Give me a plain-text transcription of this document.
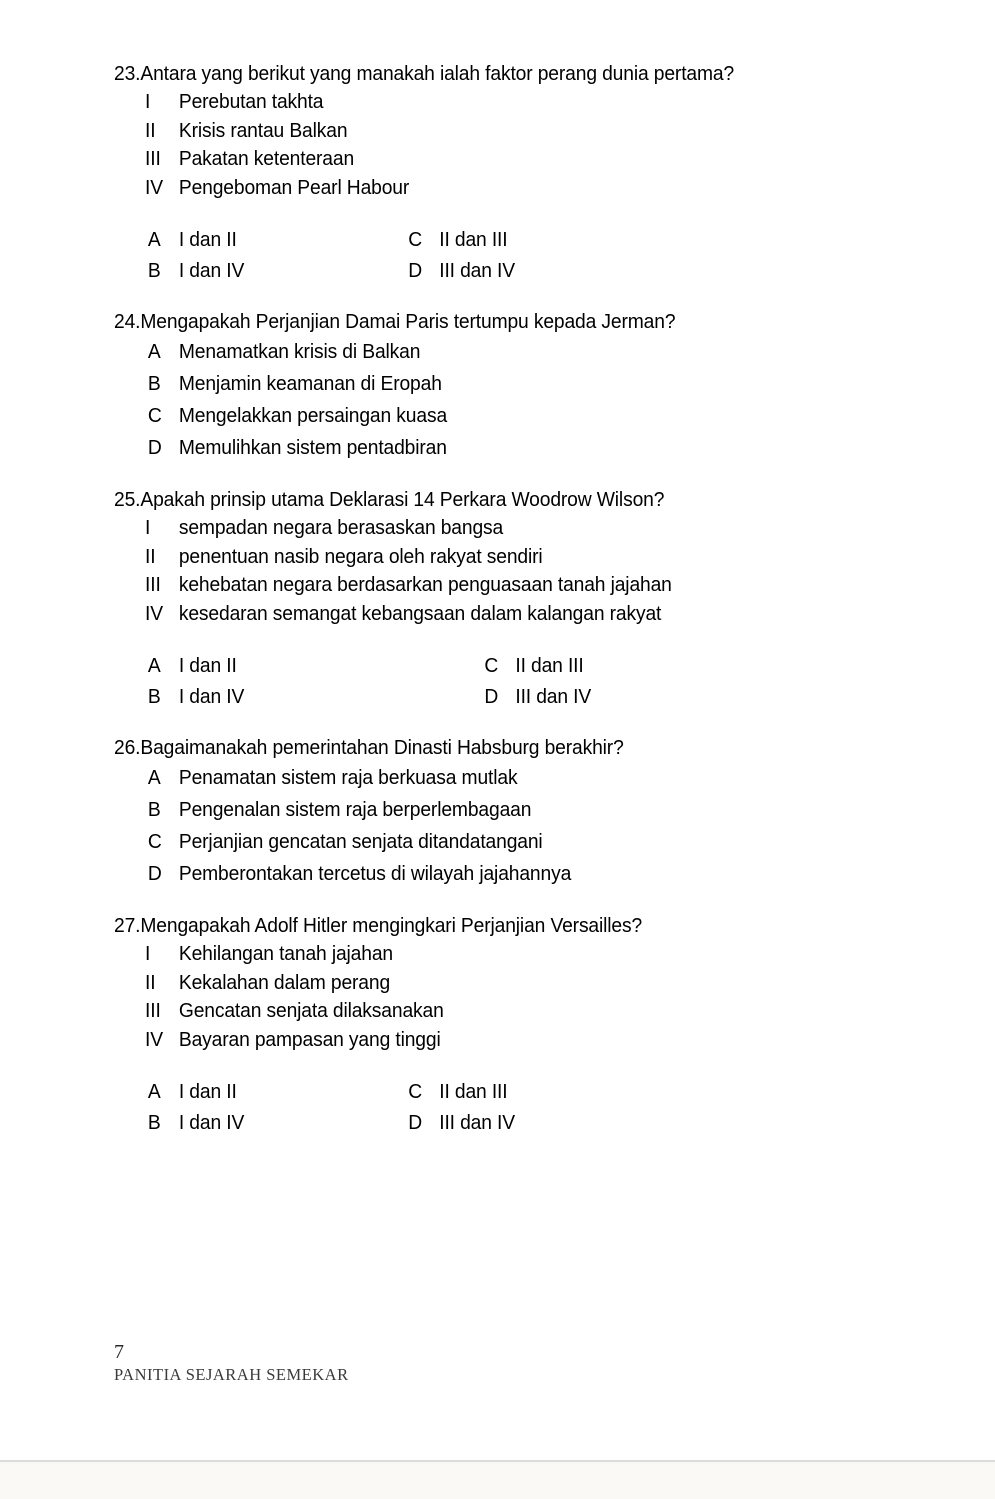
23. Antara yang berikut yang manakah ialah faktor perang dunia pertama?
I	Perebutan takhta
II	Krisis rantau Balkan
III Pakatan ketenteraan
IV Pengeboman Pearl Habour
A I dan II	C II dan III
B I dan IV	D III dan IV
24. Mengapakah Perjanjian Damai Paris tertumpu kepada Jerman?
A Menamatkan krisis di Balkan
B Menjamin keamanan di Eropah
C Mengelakkan persaingan kuasa
D Memulihkan sistem pentadbiran
25. Apakah prinsip utama Deklarasi 14 Perkara Woodrow Wilson?
I	sempadan negara berasaskan bangsa
II	penentuan nasib negara oleh rakyat sendiri
III kehebatan negara berdasarkan penguasaan tanah jajahan
IV kesedaran semangat kebangsaan dalam kalangan rakyat
A I dan II	C II dan III
B I dan IV	D III dan IV
26. Bagaimanakah pemerintahan Dinasti Habsburg berakhir?
A Penamatan sistem raja berkuasa mutlak
B Pengenalan sistem raja berperlembagaan
C Perjanjian gencatan senjata ditandatangani
D Pemberontakan tercetus di wilayah jajahannya
27. Mengapakah Adolf Hitler mengingkari Perjanjian Versailles?
I	Kehilangan tanah jajahan
II	Kekalahan dalam perang
III Gencatan senjata dilaksanakan
IV Bayaran pampasan yang tinggi
A I dan II	C II dan III
B I dan IV	D III dan IV
7
PANITIA SEJARAH SEMEKAR
